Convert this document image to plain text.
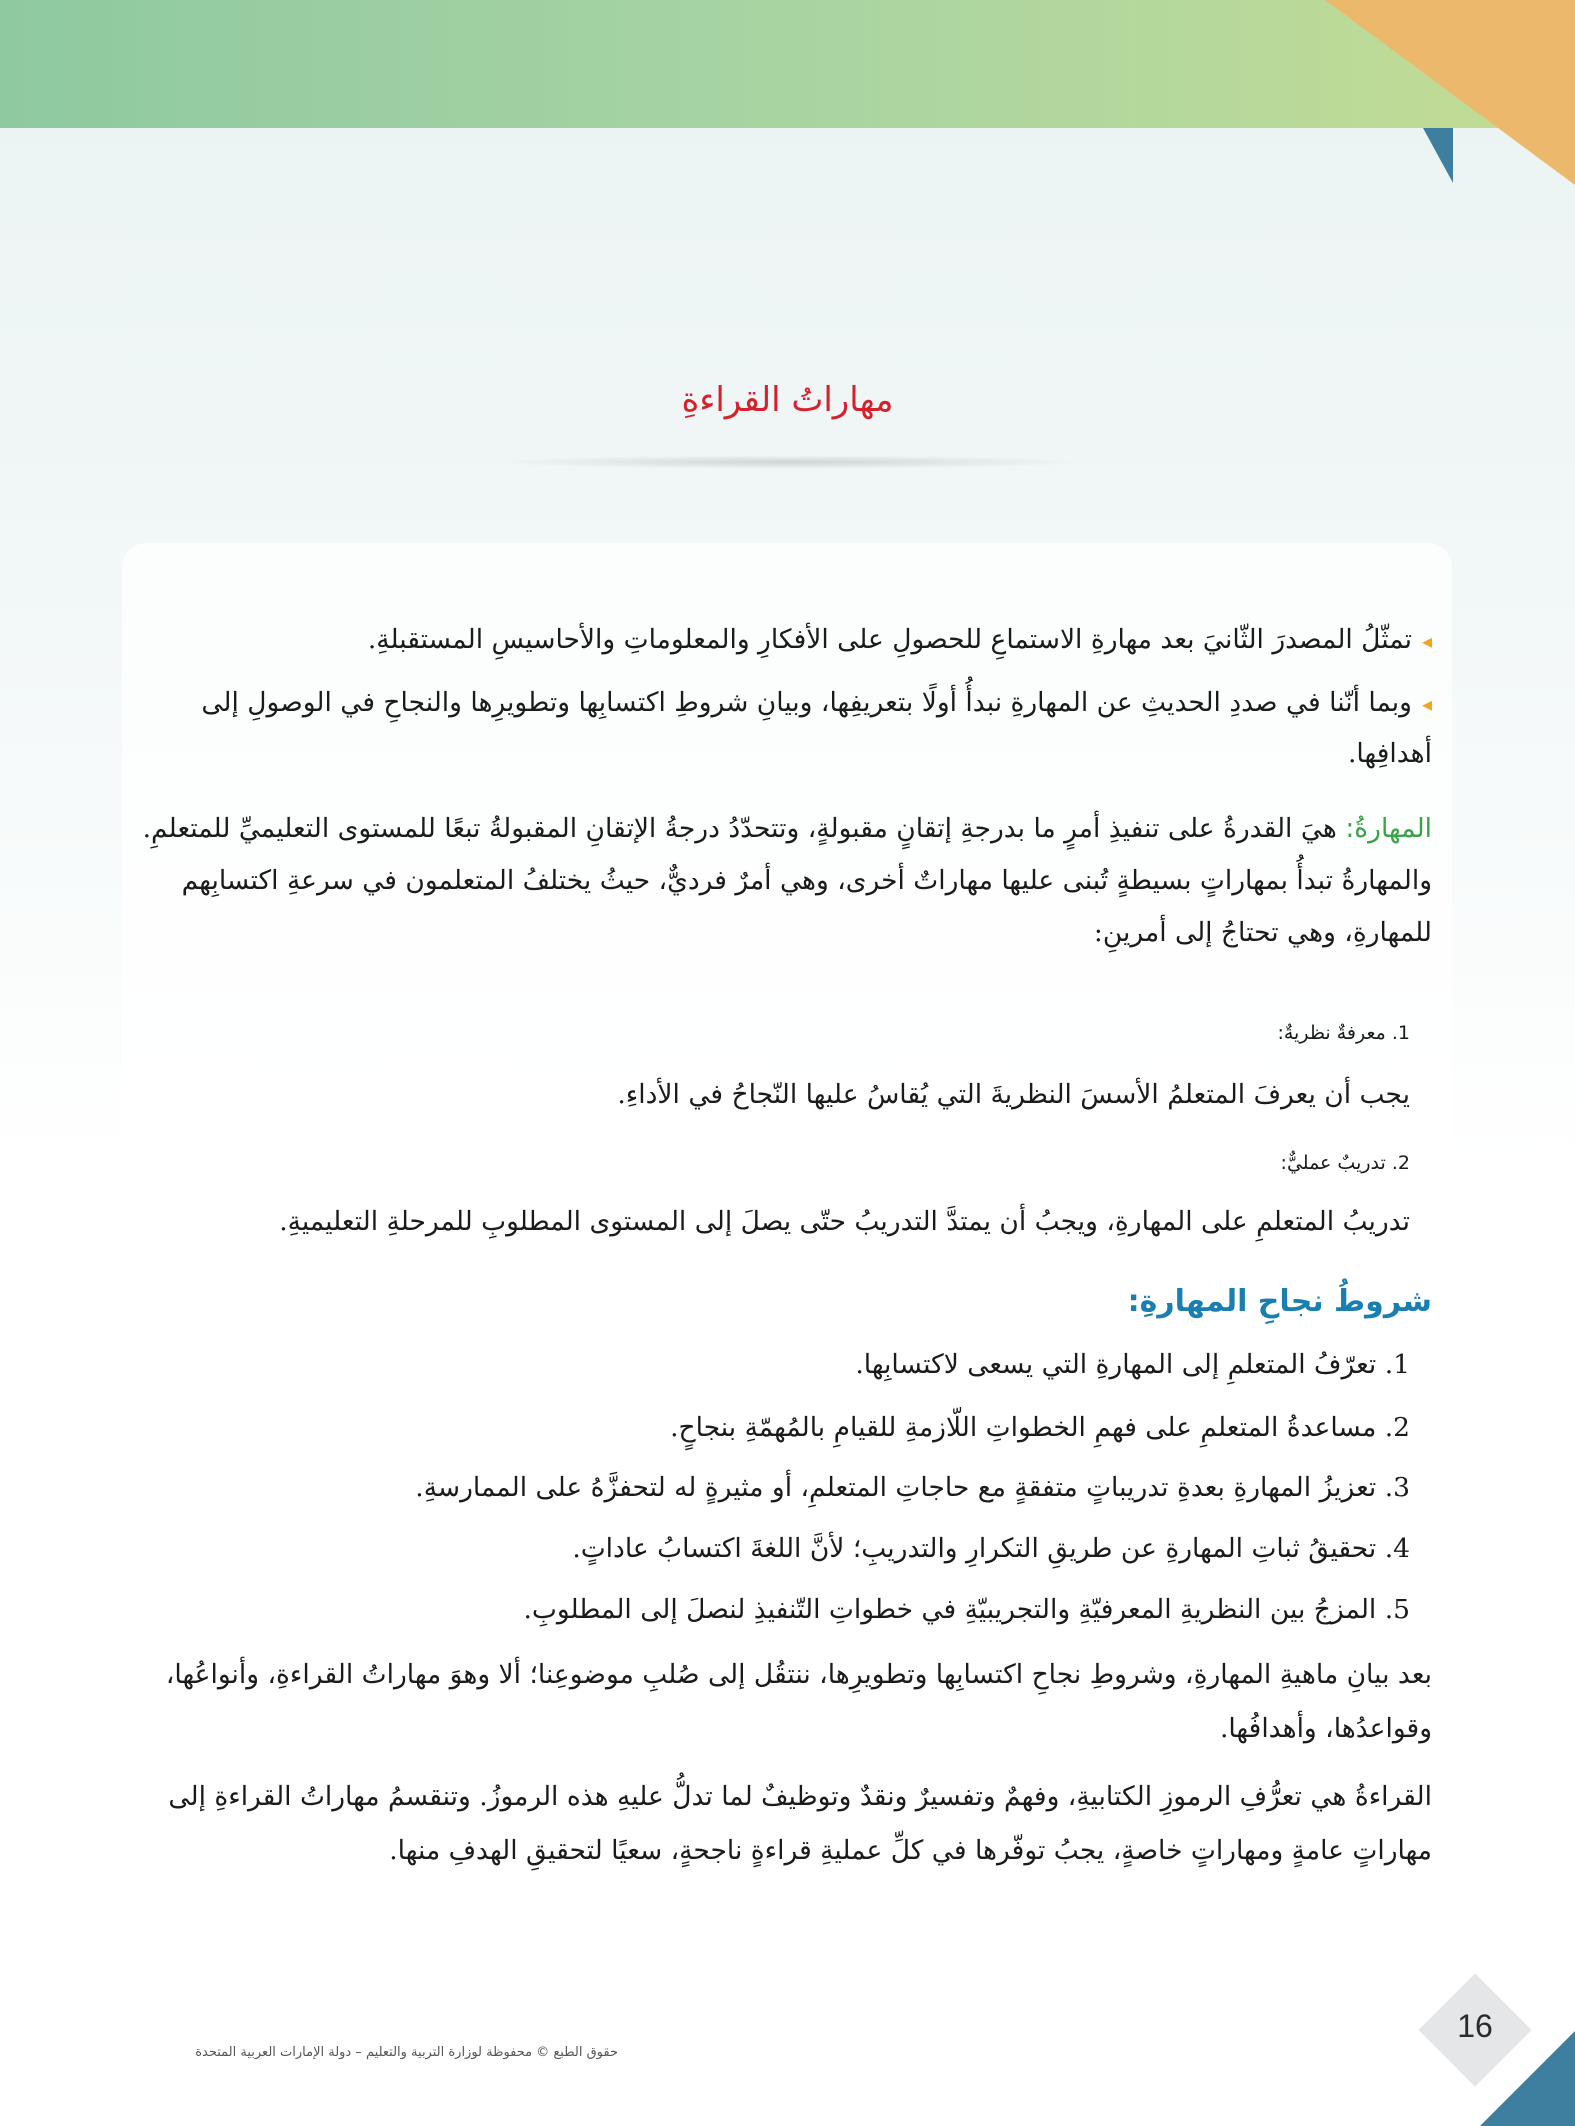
مهاراتُ القراءةِ
◂تمثّلُ المصدرَ الثّانيَ بعد مهارةِ الاستماعِ للحصولِ على الأفكارِ والمعلوماتِ والأحاسيسِ المستقبلةِ.
◂وبما أنّنا في صددِ الحديثِ عن المهارةِ نبدأُ أولًا بتعريفِها، وبيانِ شروطِ اكتسابِها وتطويرِها والنجاحِ في الوصولِ إلى أهدافِها.
المهارةُ: هيَ القدرةُ على تنفيذِ أمرٍ ما بدرجةِ إتقانٍ مقبولةٍ، وتتحدّدُ درجةُ الإتقانِ المقبولةُ تبعًا للمستوى التعليميِّ للمتعلمِ. والمهارةُ تبدأُ بمهاراتٍ بسيطةٍ تُبنى عليها مهاراتٌ أخرى، وهي أمرٌ فرديٌّ، حيثُ يختلفُ المتعلمون في سرعةِ اكتسابِهم للمهارةِ، وهي تحتاجُ إلى أمرينِ:
1. معرفةٌ نظريةٌ:
يجب أن يعرفَ المتعلمُ الأسسَ النظريةَ التي يُقاسُ عليها النّجاحُ في الأداءِ.
2. تدريبٌ عمليٌّ:
تدريبُ المتعلمِ على المهارةِ، ويجبُ أن يمتدَّ التدريبُ حتّى يصلَ إلى المستوى المطلوبِ للمرحلةِ التعليميةِ.
شروطُ نجاحِ المهارةِ:
1. تعرّفُ المتعلمِ إلى المهارةِ التي يسعى لاكتسابِها.
2. مساعدةُ المتعلمِ على فهمِ الخطواتِ اللّازمةِ للقيامِ بالمُهمّةِ بنجاحٍ.
3. تعزيزُ المهارةِ بعدةِ تدريباتٍ متفقةٍ مع حاجاتِ المتعلمِ، أو مثيرةٍ له لتحفزَّهُ على الممارسةِ.
4. تحقيقُ ثباتِ المهارةِ عن طريقِ التكرارِ والتدريبِ؛ لأنَّ اللغةَ اكتسابُ عاداتٍ.
5. المزجُ بين النظريةِ المعرفيّةِ والتجريبيّةِ في خطواتِ التّنفيذِ لنصلَ إلى المطلوبِ.
بعد بيانِ ماهيةِ المهارةِ، وشروطِ نجاحِ اكتسابِها وتطويرِها، ننتقُل إلى صُلبِ موضوعِنا؛ ألا وهوَ مهاراتُ القراءةِ، وأنواعُها، وقواعدُها، وأهدافُها.
القراءةُ هي تعرُّفِ الرموزِ الكتابيةِ، وفهمٌ وتفسيرٌ ونقدٌ وتوظيفٌ لما تدلُّ عليهِ هذه الرموزُ. وتنقسمُ مهاراتُ القراءةِ إلى مهاراتٍ عامةٍ ومهاراتٍ خاصةٍ، يجبُ توفّرها في كلِّ عمليةِ قراءةٍ ناجحةٍ، سعيًا لتحقيقِ الهدفِ منها.
حقوق الطبع © محفوظة لوزارة التربية والتعليم – دولة الإمارات العربية المتحدة
16
